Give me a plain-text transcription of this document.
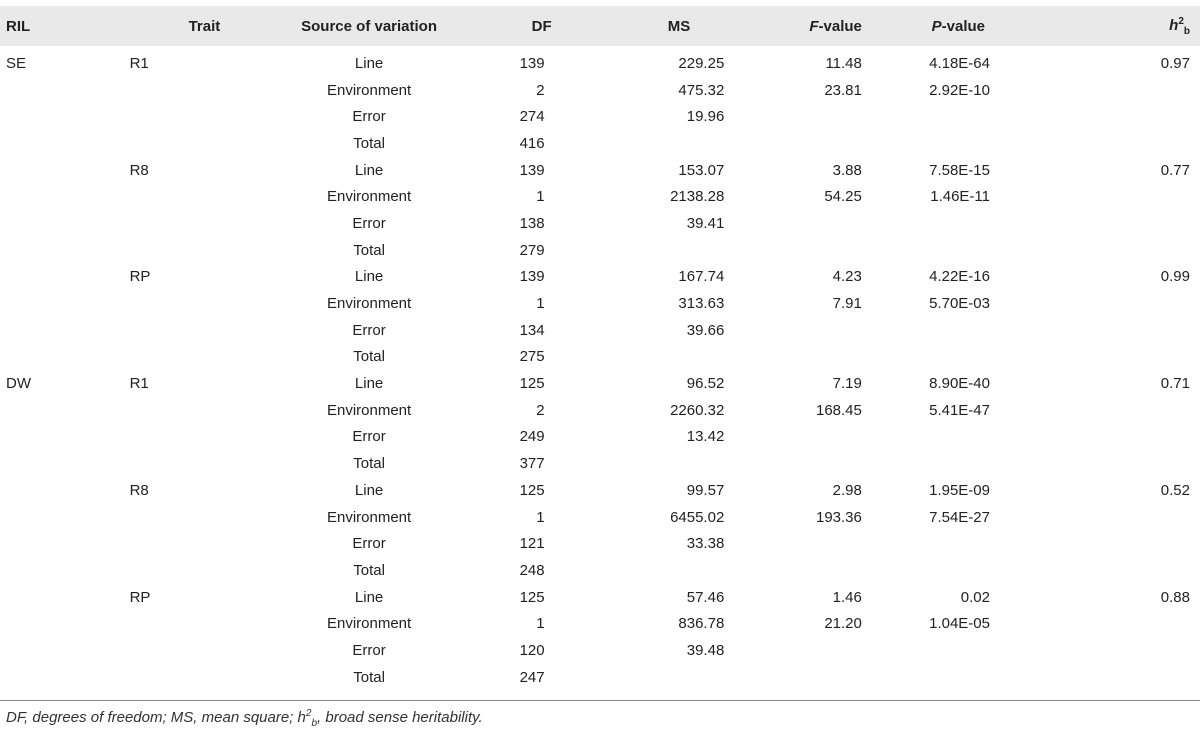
RIL	Trait	Source of variation	DF	MS	F-value	P-value	$h^2_b$
SE	R1	Line	139	229.25	11.48	4.18E-64	0.97
		Environment	2	475.32	23.81	2.92E-10	
		Error	274	19.96			
		Total	416				
	R8	Line	139	153.07	3.88	7.58E-15	0.77
		Environment	1	2138.28	54.25	1.46E-11	
		Error	138	39.41			
		Total	279				
	RP	Line	139	167.74	4.23	4.22E-16	0.99
		Environment	1	313.63	7.91	5.70E-03	
		Error	134	39.66			
		Total	275				
DW	R1	Line	125	96.52	7.19	8.90E-40	0.71
		Environment	2	2260.32	168.45	5.41E-47	
		Error	249	13.42			
		Total	377				
	R8	Line	125	99.57	2.98	1.95E-09	0.52
		Environment	1	6455.02	193.36	7.54E-27	
		Error	121	33.38			
		Total	248				
	RP	Line	125	57.46	1.46	0.02	0.88
		Environment	1	836.78	21.20	1.04E-05	
		Error	120	39.48			
		Total	247				
DF, degrees of freedom; MS, mean square; $h^2_b$, broad sense heritability.
